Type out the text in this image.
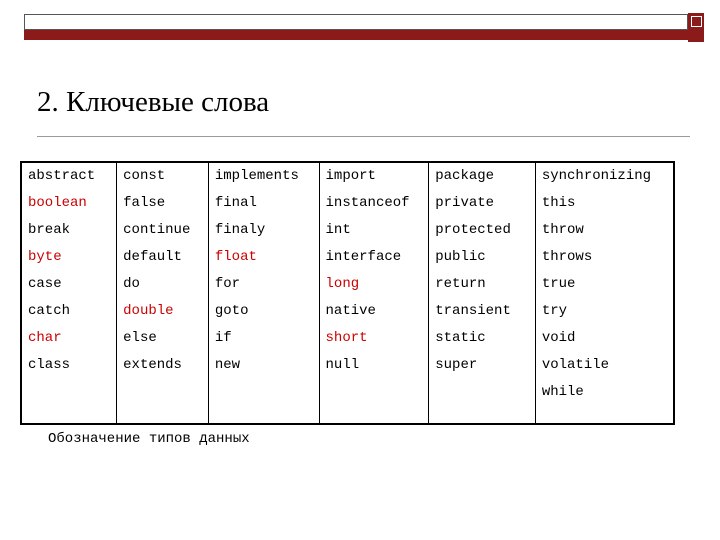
2. Ключевые слова
abstract	const	implements	import	package	synchronizing

boolean	false	final	instanceof	private	this

break	continue	finaly	int	protected	throw

byte	default	float	interface	public	throws

case	do	for	long	return	true

catch	double	goto	native	transient	try

char	else	if	short	static	void

class	extends	new	null	super	volatile

					while
Обозначение типов данных
